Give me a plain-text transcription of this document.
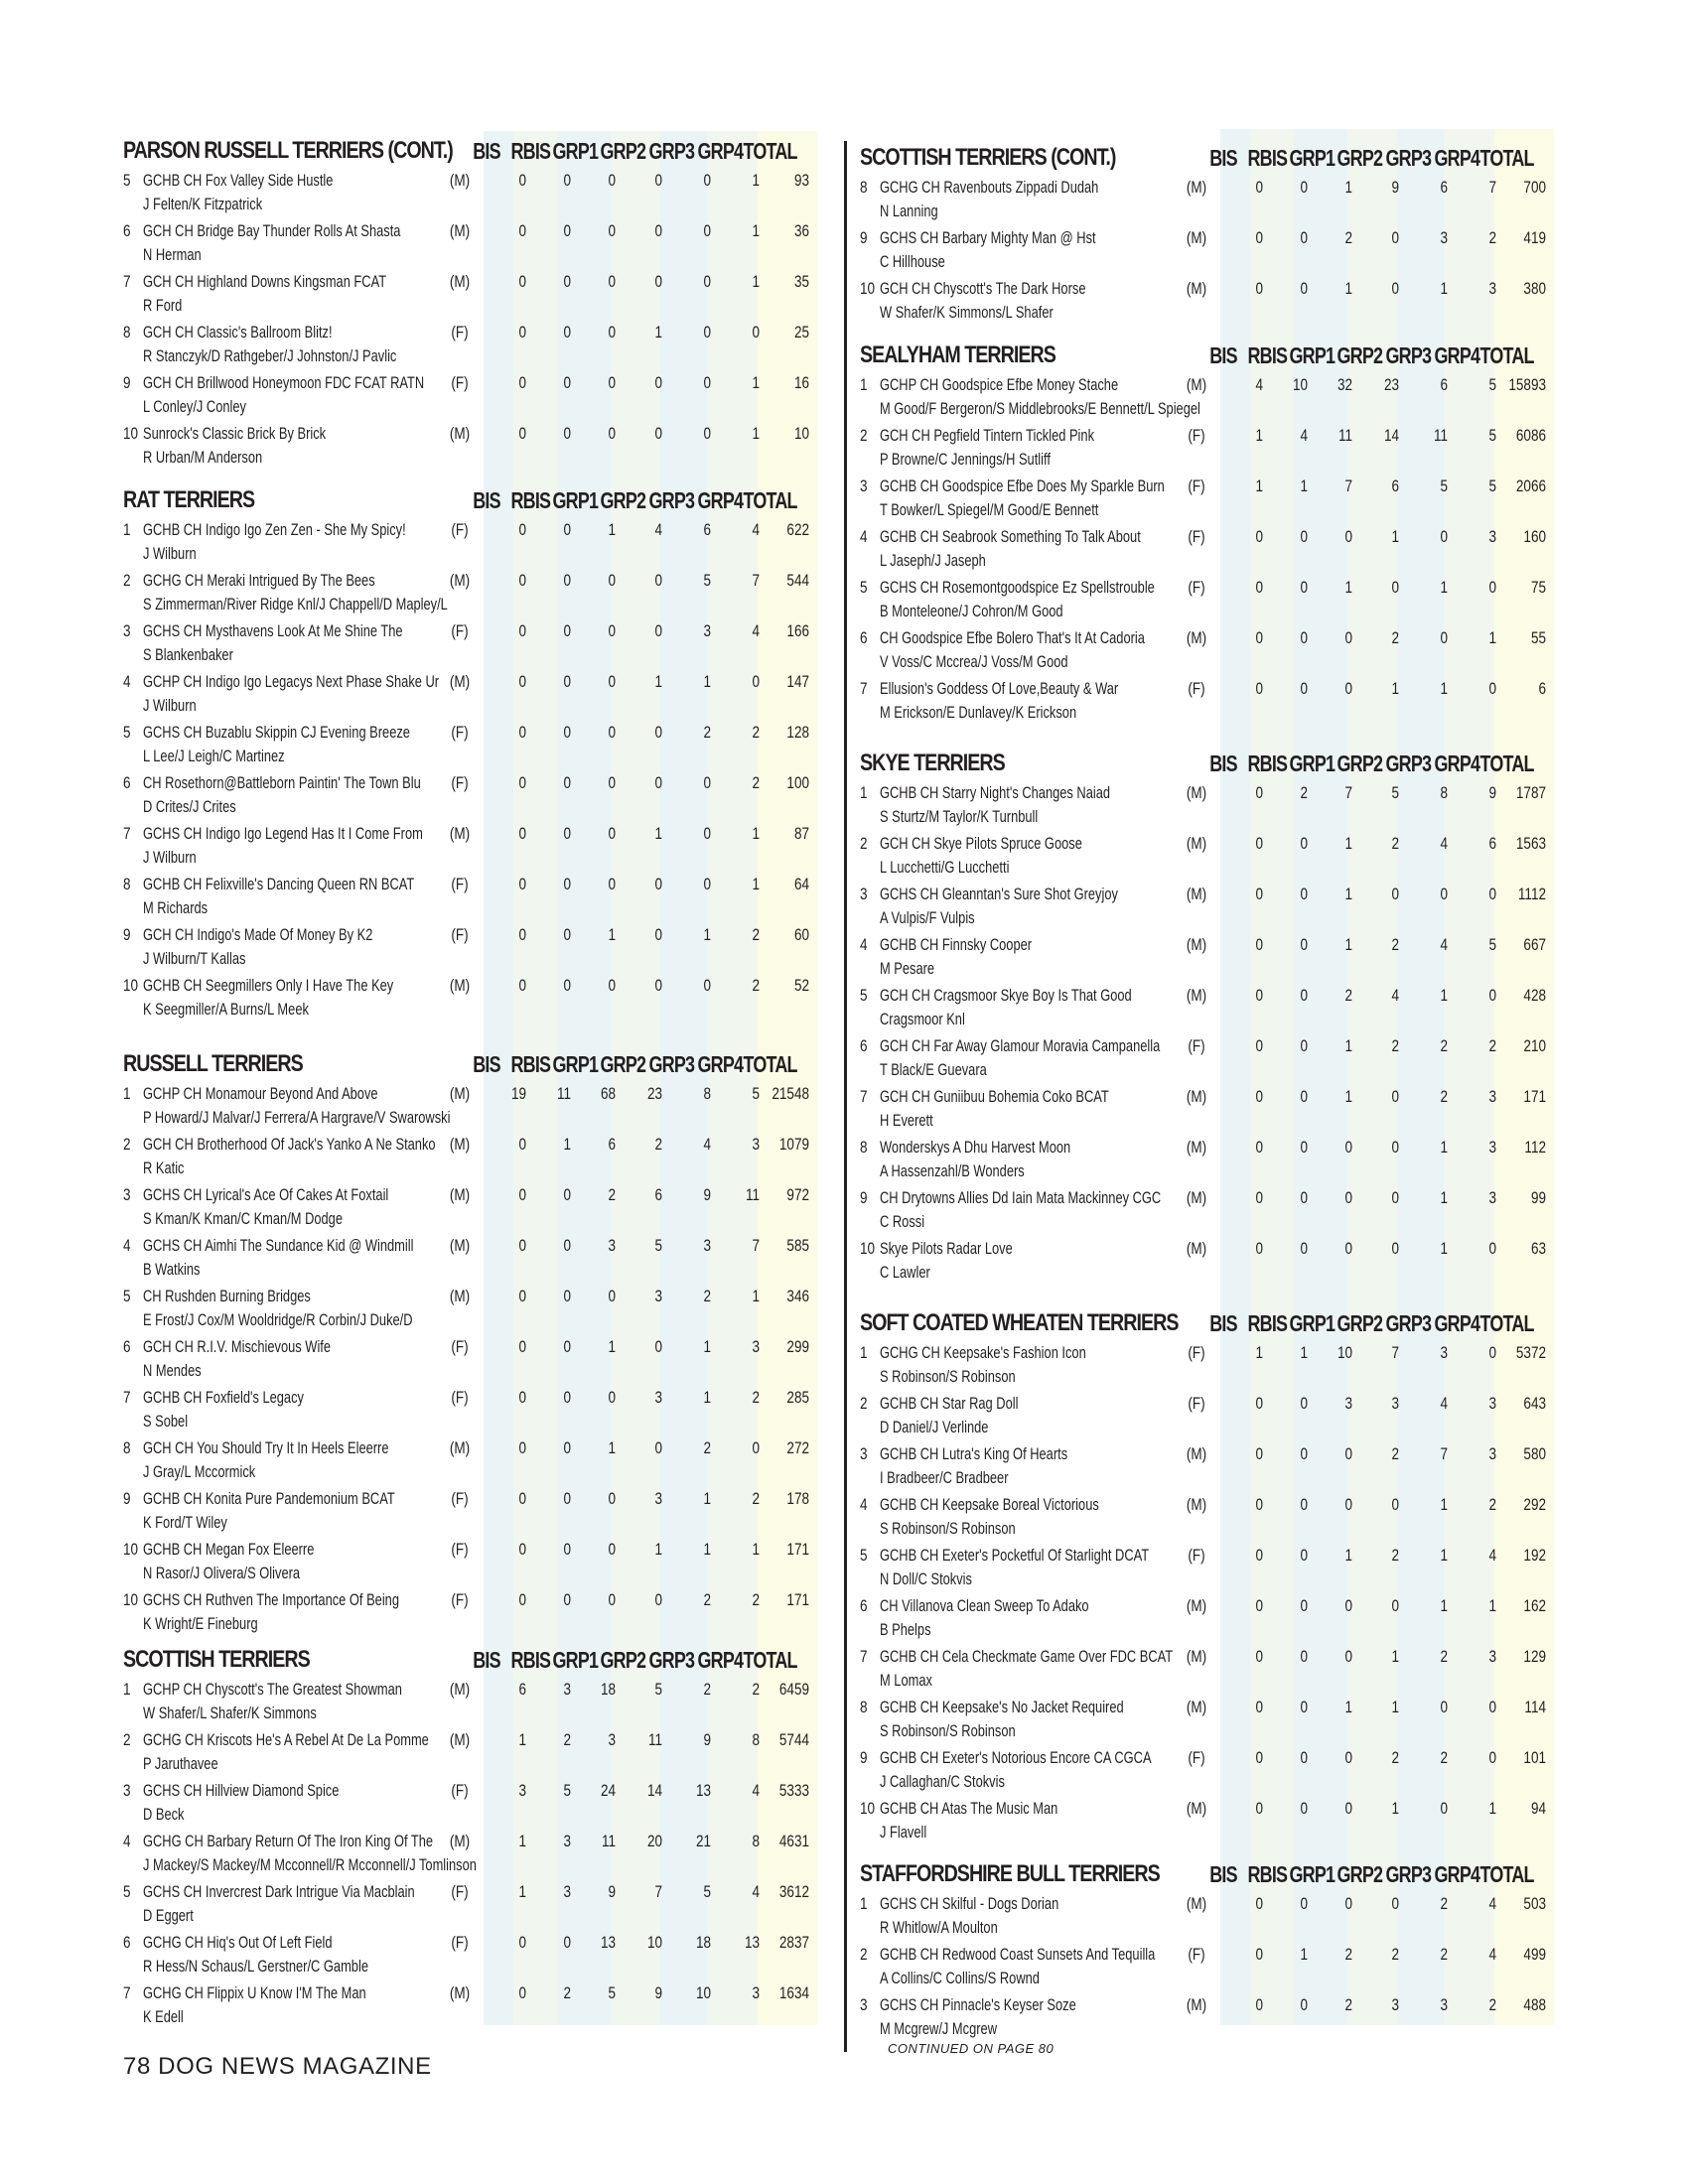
PARSON RUSSELL TERRIERS (CONT.) BIS RBIS GRP1 GRP2 GRP3 GRP4 TOTAL
5 GCHB CH Fox Valley Side Hustle
J Felten/K Fitzpatrick
(M)	0	0	0	0	0	1	93
6 GCH CH Bridge Bay Thunder Rolls At Shasta
N Herman
(M)	0	0	0	0	0	1	36
7 GCH CH Highland Downs Kingsman FCAT
R Ford
(M)	0	0	0	0	0	1	35
8 GCH CH Classic's Ballroom Blitz!
R Stanczyk/D Rathgeber/J Johnston/J Pavlic
(F)	0	0	0	1	0	0	25
9 GCH CH Brillwood Honeymoon FDC FCAT RATN
L Conley/J Conley
(F)	0	0	0	0	0	1	16
10 Sunrock's Classic Brick By Brick
R Urban/M Anderson
(M)	0	0	0	0	0	1	10
RAT TERRIERS	BIS RBIS GRP1 GRP2 GRP3 GRP4 TOTAL
1 GCHB CH Indigo Igo Zen Zen - She My Spicy!
J Wilburn
(F)	0	0	1	4	6	4	622
2 GCHG CH Meraki Intrigued By The Bees
S Zimmerman/River Ridge Knl/J Chappell/D Mapley/L
(M)	0	0	0	0	5	7	544
3 GCHS CH Mysthavens Look At Me Shine The
S Blankenbaker
(F)	0	0	0	0	3	4	166
4 GCHP CH Indigo Igo Legacys Next Phase Shake Ur
J Wilburn
(M)	0	0	0	1	1	0	147
5 GCHS CH Buzablu Skippin CJ Evening Breeze
L Lee/J Leigh/C Martinez
(F)	0	0	0	0	2	2	128
6 CH Rosethorn@Battleborn Paintin' The Town Blu
D Crites/J Crites
(F)	0	0	0	0	0	2	100
7 GCHS CH Indigo Igo Legend Has It I Come From
J Wilburn
(M)	0	0	0	1	0	1	87
8 GCHB CH Felixville's Dancing Queen RN BCAT
M Richards
(F)	0	0	0	0	0	1	64
9 GCH CH Indigo's Made Of Money By K2
J Wilburn/T Kallas
(F)	0	0	1	0	1	2	60
10 GCHB CH Seegmillers Only I Have The Key
K Seegmiller/A Burns/L Meek
(M)	0	0	0	0	0	2	52
RUSSELL TERRIERS	BIS RBIS GRP1 GRP2 GRP3 GRP4 TOTAL
1 GCHP CH Monamour Beyond And Above
P Howard/J Malvar/J Ferrera/A Hargrave/V Swarowski
(M)	19	11	68	23	8	5 21548
2 GCH CH Brotherhood Of Jack's Yanko A Ne Stanko
R Katic
(M)	0	1	6	2	4	3	1079
3 GCHS CH Lyrical's Ace Of Cakes At Foxtail
S Kman/K Kman/C Kman/M Dodge
(M)	0	0	2	6	9	11	972
4 GCHS CH Aimhi The Sundance Kid @ Windmill
B Watkins
(M)	0	0	3	5	3	7	585
5 CH Rushden Burning Bridges
E Frost/J Cox/M Wooldridge/R Corbin/J Duke/D
(M)	0	0	0	3	2	1	346
6 GCH CH R.I.V. Mischievous Wife
N Mendes
(F)	0	0	1	0	1	3	299
7 GCHB CH Foxfield's Legacy
S Sobel
(F)	0	0	0	3	1	2	285
8 GCH CH You Should Try It In Heels Eleerre
J Gray/L Mccormick
(M)	0	0	1	0	2	0	272
9 GCHB CH Konita Pure Pandemonium BCAT
K Ford/T Wiley
(F)	0	0	0	3	1	2	178
10 GCHB CH Megan Fox Eleerre
N Rasor/J Olivera/S Olivera
(F)	0	0	0	1	1	1	171
10 GCHS CH Ruthven The Importance Of Being
K Wright/E Fineburg
(F)	0	0	0	0	2	2	171
SCOTTISH TERRIERS	BIS RBIS GRP1 GRP2 GRP3 GRP4 TOTAL
1 GCHP CH Chyscott's The Greatest Showman
W Shafer/L Shafer/K Simmons
(M)	6	3	18	5	2	2	6459
2 GCHG CH Kriscots He's A Rebel At De La Pomme
P Jaruthavee
(M)	1	2	3	11	9	8	5744
3 GCHS CH Hillview Diamond Spice
D Beck
(F)	3	5	24	14	13	4	5333
4 GCHG CH Barbary Return Of The Iron King Of The
J Mackey/S Mackey/M Mcconnell/R Mcconnell/J Tomlinson
(M)	1	3	11	20	21	8	4631
5 GCHS CH Invercrest Dark Intrigue Via Macblain
D Eggert
(F)	1	3	9	7	5	4	3612
6 GCHG CH Hiq's Out Of Left Field
R Hess/N Schaus/L Gerstner/C Gamble
(F)	0	0	13	10	18	13	2837
7 GCHG CH Flippix U Know I'M The Man
K Edell
(M)	0	2	5	9	10	3	1634
SCOTTISH TERRIERS (CONT.)	BIS RBIS GRP1 GRP2 GRP3 GRP4 TOTAL
8 GCHG CH Ravenbouts Zippadi Dudah
N Lanning
(M)	0	0	1	9	6	7	700
9 GCHS CH Barbary Mighty Man @ Hst
C Hillhouse
(M)	0	0	2	0	3	2	419
10 GCH CH Chyscott's The Dark Horse
W Shafer/K Simmons/L Shafer
(M)	0	0	1	0	1	3	380
SEALYHAM TERRIERS	BIS RBIS GRP1 GRP2 GRP3 GRP4 TOTAL
1 GCHP CH Goodspice Efbe Money Stache
M Good/F Bergeron/S Middlebrooks/E Bennett/L Spiegel
(M)	4	10	32	23	6	5 15893
2 GCH CH Pegfield Tintern Tickled Pink
P Browne/C Jennings/H Sutliff
(F)	1	4	11	14	11	5	6086
3 GCHB CH Goodspice Efbe Does My Sparkle Burn
T Bowker/L Spiegel/M Good/E Bennett
(F)	1	1	7	6	5	5	2066
4 GCHB CH Seabrook Something To Talk About
L Jaseph/J Jaseph
(F)	0	0	0	1	0	3	160
5 GCHS CH Rosemontgoodspice Ez Spellstrouble
B Monteleone/J Cohron/M Good
(F)	0	0	1	0	1	0	75
6 CH Goodspice Efbe Bolero That's It At Cadoria
V Voss/C Mccrea/J Voss/M Good
(M)	0	0	0	2	0	1	55
7 Ellusion's Goddess Of Love,Beauty & War
M Erickson/E Dunlavey/K Erickson
(F)	0	0	0	1	1	0	6
SKYE TERRIERS	BIS RBIS GRP1 GRP2 GRP3 GRP4 TOTAL
1 GCHB CH Starry Night's Changes Naiad
S Sturtz/M Taylor/K Turnbull
(M)	0	2	7	5	8	9	1787
2 GCH CH Skye Pilots Spruce Goose
L Lucchetti/G Lucchetti
(M)	0	0	1	2	4	6	1563
3 GCHS CH Gleanntan's Sure Shot Greyjoy
A Vulpis/F Vulpis
(M)	0	0	1	0	0	0	1112
4 GCHB CH Finnsky Cooper
M Pesare
(M)	0	0	1	2	4	5	667
5 GCH CH Cragsmoor Skye Boy Is That Good
Cragsmoor Knl
(M)	0	0	2	4	1	0	428
6 GCH CH Far Away Glamour Moravia Campanella
T Black/E Guevara
(F)	0	0	1	2	2	2	210
7 GCH CH Guniibuu Bohemia Coko BCAT
H Everett
(M)	0	0	1	0	2	3	171
8 Wonderskys A Dhu Harvest Moon
A Hassenzahl/B Wonders
(M)	0	0	0	0	1	3	112
9 CH Drytowns Allies Dd Iain Mata Mackinney CGC
C Rossi
(M)	0	0	0	0	1	3	99
10 Skye Pilots Radar Love
C Lawler
(M)	0	0	0	0	1	0	63
SOFT COATED WHEATEN TERRIERS BIS RBIS GRP1 GRP2 GRP3 GRP4 TOTAL
1 GCHG CH Keepsake's Fashion Icon
S Robinson/S Robinson
(F)	1	1	10	7	3	0	5372
2 GCHB CH Star Rag Doll
D Daniel/J Verlinde
(F)	0	0	3	3	4	3	643
3 GCHB CH Lutra's King Of Hearts
I Bradbeer/C Bradbeer
(M)	0	0	0	2	7	3	580
4 GCHB CH Keepsake Boreal Victorious
S Robinson/S Robinson
(M)	0	0	0	0	1	2	292
5 GCHB CH Exeter's Pocketful Of Starlight DCAT
N Doll/C Stokvis
(F)	0	0	1	2	1	4	192
6 CH Villanova Clean Sweep To Adako
B Phelps
(M)	0	0	0	0	1	1	162
7 GCHB CH Cela Checkmate Game Over FDC BCAT
M Lomax
(M)	0	0	0	1	2	3	129
8 GCHB CH Keepsake's No Jacket Required
S Robinson/S Robinson
(M)	0	0	1	1	0	0	114
9 GCHB CH Exeter's Notorious Encore CA CGCA
J Callaghan/C Stokvis
(F)	0	0	0	2	2	0	101
10 GCHB CH Atas The Music Man
J Flavell
(M)	0	0	0	1	0	1	94
STAFFORDSHIRE BULL TERRIERS BIS RBIS GRP1 GRP2 GRP3 GRP4 TOTAL
1 GCHS CH Skilful - Dogs Dorian
R Whitlow/A Moulton
(M)	0	0	0	0	2	4	503
2 GCHB CH Redwood Coast Sunsets And Tequilla
A Collins/C Collins/S Rownd
(F)	0	1	2	2	2	4	499
3 GCHS CH Pinnacle's Keyser Soze
M Mcgrew/J Mcgrew
(M)	0	0	2	3	3	2	488
78 DOG NEWS MAGAZINE
CONTINUED ON PAGE 80
